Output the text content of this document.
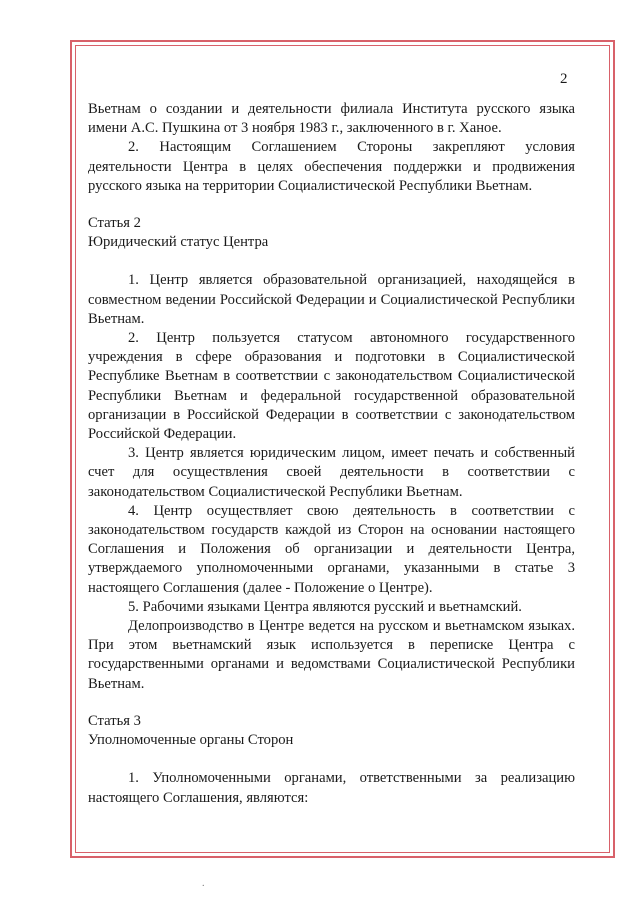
2

Вьетнам о создании и деятельности филиала Института русского языка имени А.С. Пушкина от 3 ноября 1983 г., заключенного в г. Ханое.

2. Настоящим Соглашением Стороны закрепляют условия деятельности Центра в целях обеспечения поддержки и продвижения русского языка на территории Социалистической Республики Вьетнам.

Статья 2

Юридический статус Центра

1. Центр является образовательной организацией, находящейся в совместном ведении Российской Федерации и Социалистической Республики Вьетнам.

2. Центр пользуется статусом автономного государственного учреждения в сфере образования и подготовки в Социалистической Республике Вьетнам в соответствии с законодательством Социалистической Республики Вьетнам и федеральной государственной образовательной организации в Российской Федерации в соответствии с законодательством Российской Федерации.

3. Центр является юридическим лицом, имеет печать и собственный счет для осуществления своей деятельности в соответствии с законодательством Социалистической Республики Вьетнам.

4. Центр осуществляет свою деятельность в соответствии с законодательством государств каждой из Сторон на основании настоящего Соглашения и Положения об организации и деятельности Центра, утверждаемого уполномоченными органами, указанными в статье 3 настоящего Соглашения (далее - Положение о Центре).

5. Рабочими языками Центра являются русский и вьетнамский.

Делопроизводство в Центре ведется на русском и вьетнамском языках. При этом вьетнамский язык используется в переписке Центра с государственными органами и ведомствами Социалистической Республики Вьетнам.

Статья 3

Уполномоченные органы Сторон

1. Уполномоченными органами, ответственными за реализацию настоящего Соглашения, являются:

.
